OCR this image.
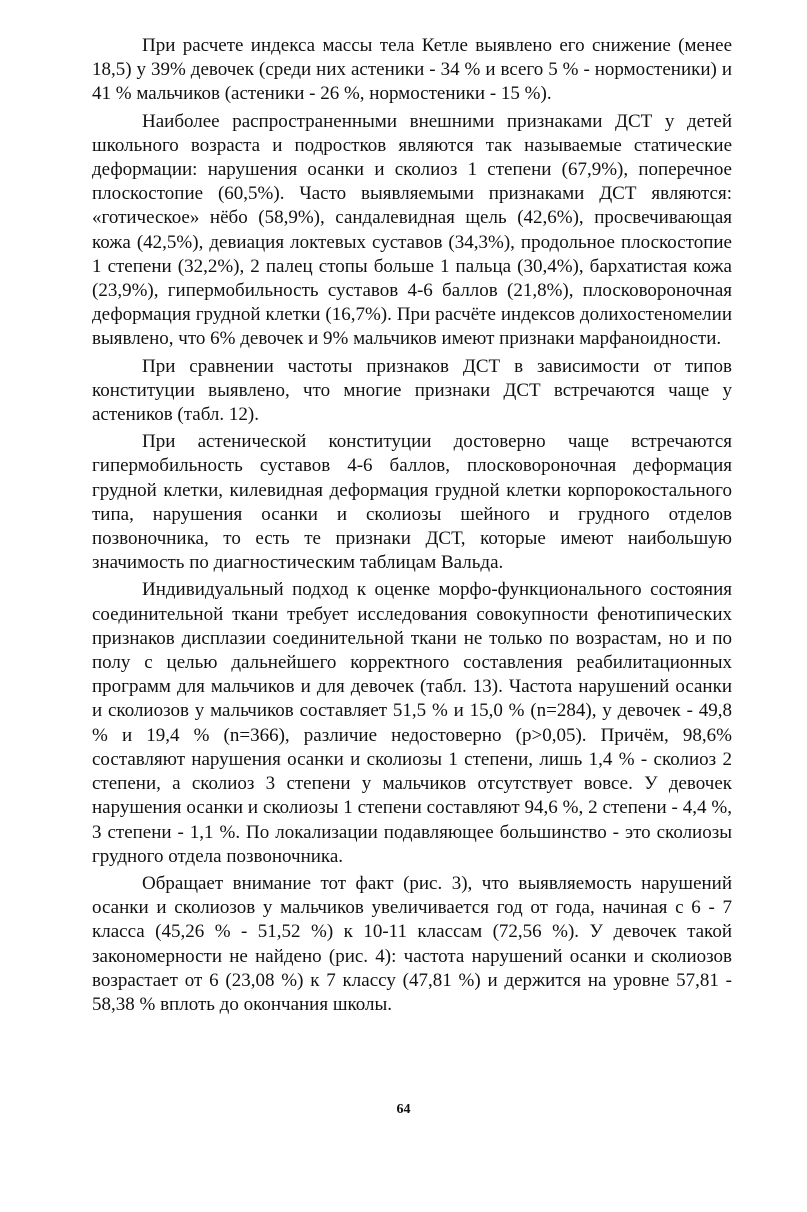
При расчете индекса массы тела Кетле выявлено его снижение (менее 18,5) у 39% девочек (среди них астеники - 34 % и всего 5 % - нормостеники) и 41 % мальчиков (астеники - 26 %, нормостеники - 15 %).

Наиболее распространенными внешними признаками ДСТ у детей школьного возраста и подростков являются так называемые статические деформации: нарушения осанки и сколиоз 1 степени (67,9%), поперечное плоскостопие (60,5%). Часто выявляемыми признаками ДСТ являются: «готическое» нёбо (58,9%), сандалевидная щель (42,6%), просвечивающая кожа (42,5%), девиация локтевых суставов (34,3%), продольное плоскостопие 1 степени (32,2%), 2 палец стопы больше 1 пальца (30,4%), бархатистая кожа (23,9%), гипермобильность суставов 4-6 баллов (21,8%), плосковороночная деформация грудной клетки (16,7%). При расчёте индексов долихостеномелии выявлено, что 6% девочек и 9% мальчиков имеют признаки марфаноидности.

При сравнении частоты признаков ДСТ в зависимости от типов конституции выявлено, что многие признаки ДСТ встречаются чаще у астеников (табл. 12).

При астенической конституции достоверно чаще встречаются гипермобильность суставов 4-6 баллов, плосковороночная деформация грудной клетки, килевидная деформация грудной клетки корпорокостального типа, нарушения осанки и сколиозы шейного и грудного отделов позвоночника, то есть те признаки ДСТ, которые имеют наибольшую значимость по диагностическим таблицам Вальда.

Индивидуальный подход к оценке морфо-функционального состояния соединительной ткани требует исследования совокупности фенотипических признаков дисплазии соединительной ткани не только по возрастам, но и по полу с целью дальнейшего корректного составления реабилитационных программ для мальчиков и для девочек (табл. 13). Частота нарушений осанки и сколиозов у мальчиков составляет 51,5 % и 15,0 % (n=284), у девочек - 49,8 % и 19,4 % (n=366), различие недостоверно (p>0,05). Причём, 98,6% составляют нарушения осанки и сколиозы 1 степени, лишь 1,4 % - сколиоз 2 степени, а сколиоз 3 степени у мальчиков отсутствует вовсе. У девочек нарушения осанки и сколиозы 1 степени составляют 94,6 %, 2 степени - 4,4 %, 3 степени - 1,1 %. По локализации подавляющее большинство - это сколиозы грудного отдела позвоночника.

Обращает внимание тот факт (рис. 3), что выявляемость нарушений осанки и сколиозов у мальчиков увеличивается год от года, начиная с 6 - 7 класса (45,26 % - 51,52 %) к 10-11 классам (72,56 %). У девочек такой закономерности не найдено (рис. 4): частота нарушений осанки и сколиозов возрастает от 6 (23,08 %) к 7 классу (47,81 %) и держится на уровне 57,81 - 58,38 % вплоть до окончания школы.

64
